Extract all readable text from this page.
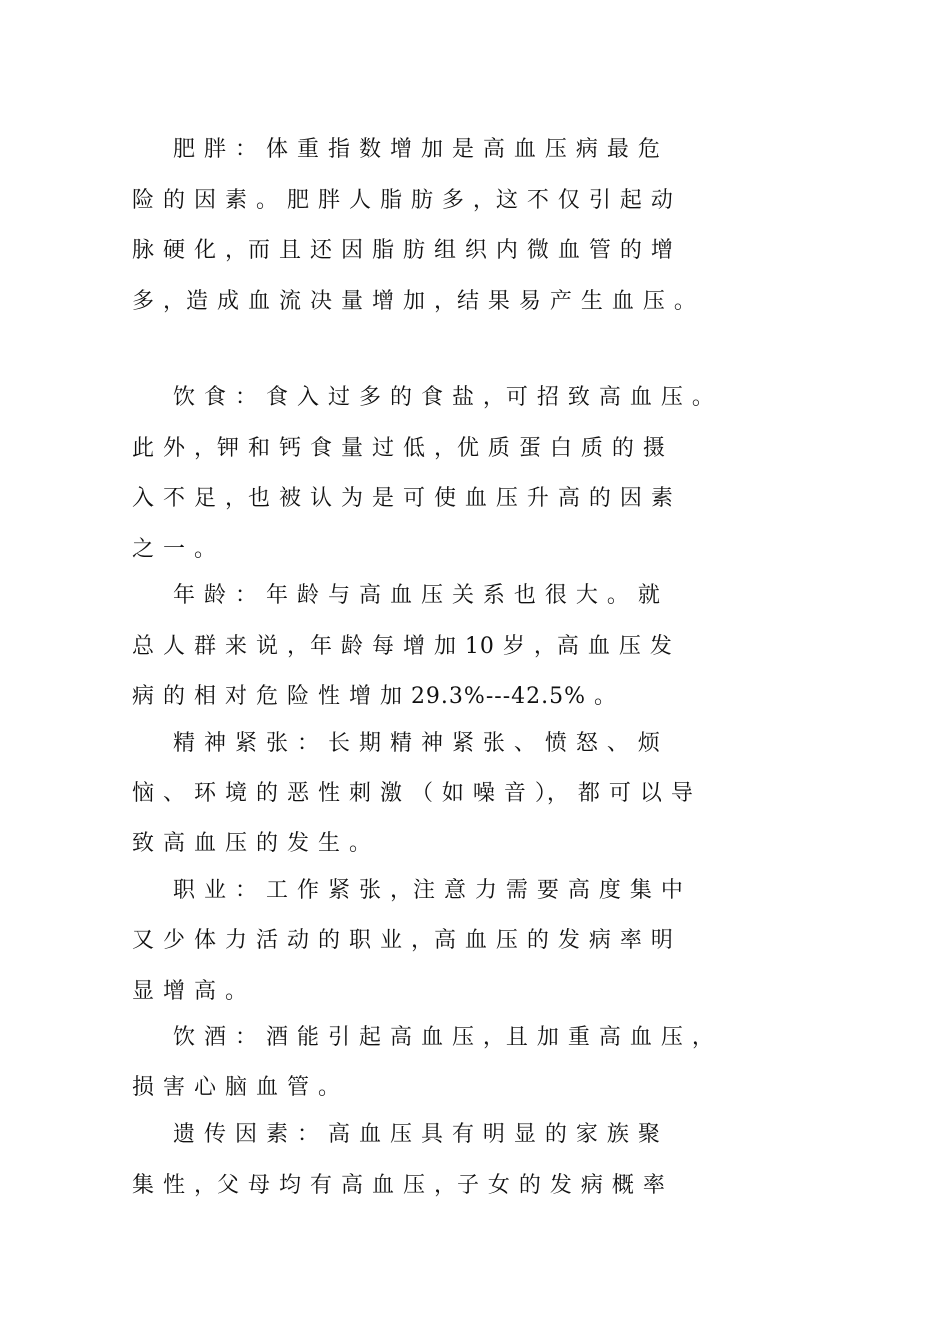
肥 胖 ： 体 重 指 数 增 加 是 高 血 压 病 最 危
险 的 因 素 。 肥 胖 人 脂 肪 多 ，这 不 仅 引 起 动
脉 硬 化 ，而 且 还 因 脂 肪 组 织 内 微 血 管 的 增
多 ，造 成 血 流 决 量 增 加 ，结 果 易 产 生 血 压 。
饮 食 ： 食 入 过 多 的 食 盐 ，可 招 致 高 血 压 。
此 外 ，钾 和 钙 食 量 过 低 ，优 质 蛋 白 质 的 摄
入 不 足 ，也 被 认 为 是 可 使 血 压 升 高 的 因 素
之 一 。
年 龄 ： 年 龄 与 高 血 压 关 系 也 很 大 。 就
总 人 群 来 说 ，年 龄 每 增 加 10 岁 ，高 血 压 发
病 的 相 对 危 险 性 增 加 29.3%---42.5% 。
精 神 紧 张 ： 长 期 精 神 紧 张 、 愤 怒 、 烦
恼 、 环 境 的 恶 性 刺 激 （ 如 噪 音 ）， 都 可 以 导
致 高 血 压 的 发 生 。
职 业 ： 工 作 紧 张 ，注 意 力 需 要 高 度 集 中
又 少 体 力 活 动 的 职 业 ，高 血 压 的 发 病 率 明
显 增 高 。
饮 酒 ： 酒 能 引 起 高 血 压 ，且 加 重 高 血 压 ，
损 害 心 脑 血 管 。
遗 传 因 素 ： 高 血 压 具 有 明 显 的 家 族 聚
集 性 ，父 母 均 有 高 血 压 ，子 女 的 发 病 概 率
